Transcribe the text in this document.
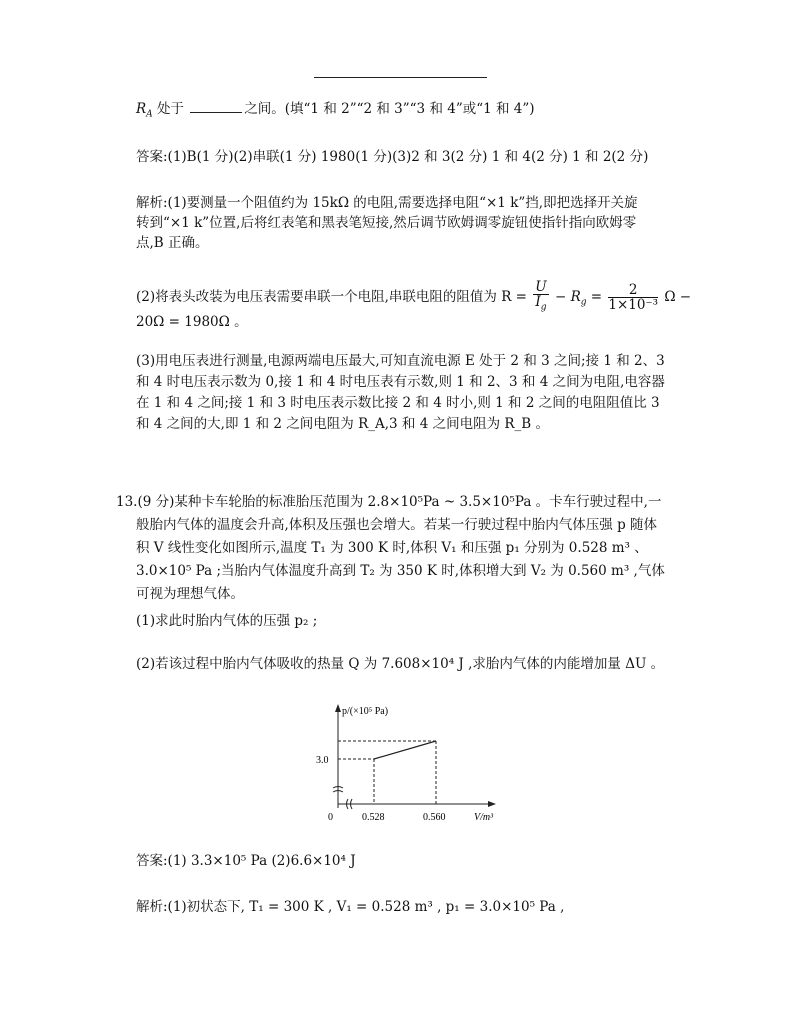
$R_A$ 处于	之间。(填“1 和 2”“2 和 3”“3 和 4”或“1 和 4”)
答案:(1)B(1 分)(2)串联(1 分) 1980(1 分)(3)2 和 3(2 分) 1 和 4(2 分) 1 和 2(2 分)
解析:(1)要测量一个阻值约为 15kΩ 的电阻,需要选择电阻“×1 k”挡,即把选择开关旋
转到“×1 k”位置,后将红表笔和黑表笔短接,然后调节欧姆调零旋钮使指针指向欧姆零
点,B 正确。
(2)将表头改装为电压表需要串联一个电阻,串联电阻的阻值为 $R = \frac{U}{I_g} - R_g = \frac{2}{\text{1×10⁻³}}$ Ω −
20Ω = 1980Ω 。
(3)用电压表进行测量,电源两端电压最大,可知直流电源 E 处于 2 和 3 之间;接 1 和 2、3
和 4 时电压表示数为 0,接 1 和 4 时电压表有示数,则 1 和 2、3 和 4 之间为电阻,电容器
在 1 和 4 之间;接 1 和 3 时电压表示数比接 2 和 4 时小,则 1 和 2 之间的电阻阻值比 3
和 4 之间的大,即 1 和 2 之间电阻为 R_A,3 和 4 之间电阻为 R_B 。
13.(9 分)某种卡车轮胎的标准胎压范围为 2.8×10⁵Pa ~ 3.5×10⁵Pa 。卡车行驶过程中,一
般胎内气体的温度会升高,体积及压强也会增大。若某一行驶过程中胎内气体压强 p 随体
积 V 线性变化如图所示,温度 T₁ 为 300 K 时,体积 V₁ 和压强 p₁ 分别为 0.528 m³ 、
3.0×10⁵ Pa ;当胎内气体温度升高到 T₂ 为 350 K 时,体积增大到 V₂ 为 0.560 m³ ,气体
可视为理想气体。
(1)求此时胎内气体的压强 p₂ ;
(2)若该过程中胎内气体吸收的热量 Q 为 7.608×10⁴ J ,求胎内气体的内能增加量 ΔU 。
p/(×10⁵ Pa)
V/m³
3.0
0.528	0.560
0
答案:(1) 3.3×10⁵ Pa (2)6.6×10⁴ J
解析:(1)初状态下, T₁ = 300 K , V₁ = 0.528 m³ , p₁ = 3.0×10⁵ Pa ,
